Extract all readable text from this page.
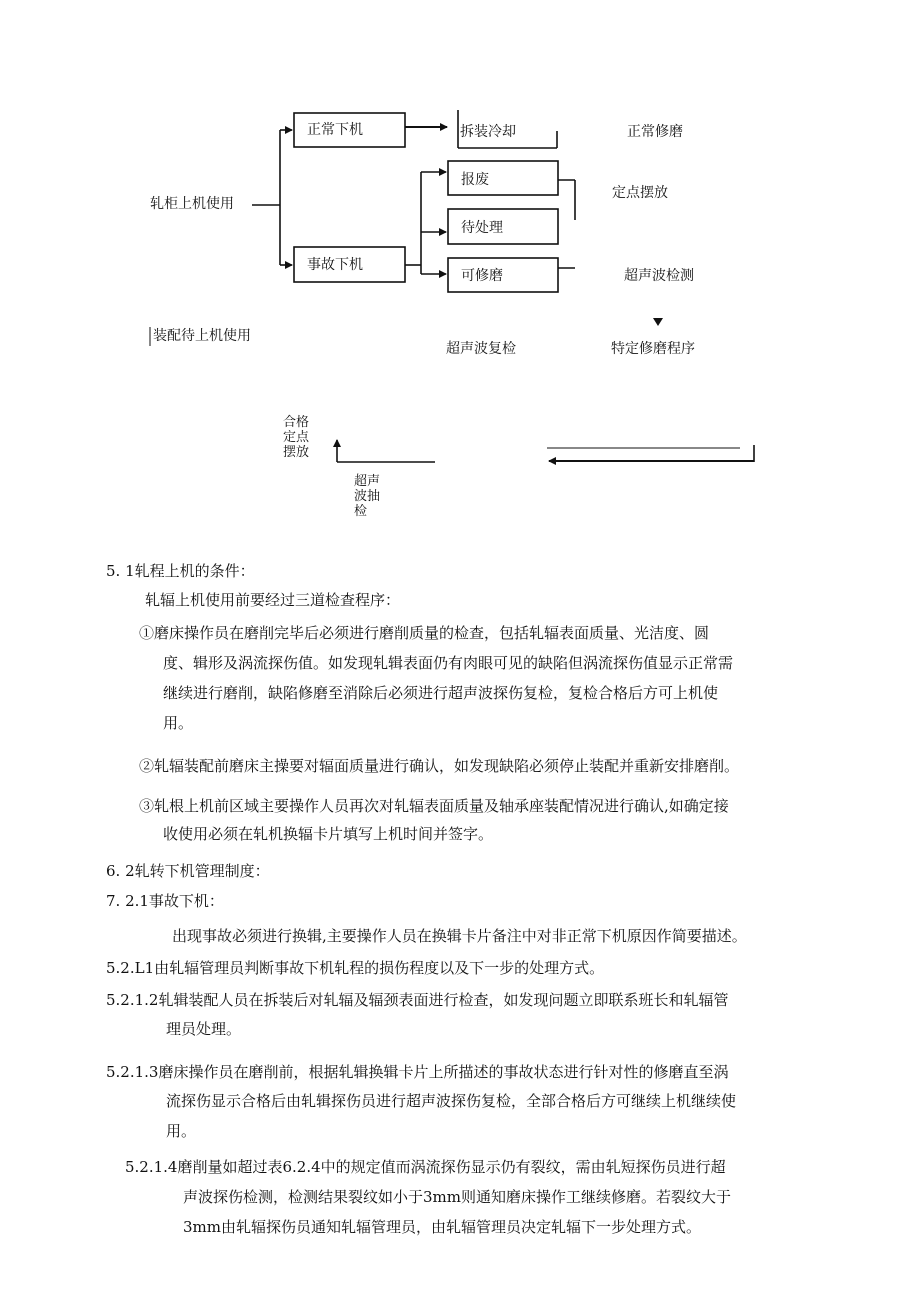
轧柜上机使用
正常下机	拆装冷却	正常修磨
报废
定点摆放
待处理
事故下机
可修磨	超声波检测
装配待上机使用
超声波复检	特定修磨程序
合格定点摆放
超声波抽检
5. 1轧程上机的条件：
轧辐上机使用前要经过三道检查程序：
①磨床操作员在磨削完毕后必须进行磨削质量的检查，包括轧辐表面质量、光洁度、圆
度、辑形及涡流探伤值。如发现轧辑表面仍有肉眼可见的缺陷但涡流探伤值显示正常需
继续进行磨削，缺陷修磨至消除后必须进行超声波探伤复检，复检合格后方可上机使
用。
②轧辐装配前磨床主操要对辐面质量进行确认，如发现缺陷必须停止装配并重新安排磨削。
③轧根上机前区域主要操作人员再次对轧辐表面质量及轴承座装配情况进行确认,如确定接
收使用必须在轧机换辐卡片填写上机时间并签字。
6. 2轧转下机管理制度：
7. 2.1事故下机：
出现事故必须进行换辑,主要操作人员在换辑卡片备注中对非正常下机原因作简要描述。
5.2.L1由轧辐管理员判断事故下机轧程的损伤程度以及下一步的处理方式。
5.2.1.2轧辑装配人员在拆装后对轧辐及辐颈表面进行检查，如发现问题立即联系班长和轧辐管
理员处理。
5.2.1.3磨床操作员在磨削前，根据轧辑换辑卡片上所描述的事故状态进行针对性的修磨直至涡
流探伤显示合格后由轧辑探伤员进行超声波探伤复检，全部合格后方可继续上机继续使
用。
5.2.1.4磨削量如超过表6.2.4中的规定值而涡流探伤显示仍有裂纹，需由轧短探伤员进行超
声波探伤检测，检测结果裂纹如小于3mm则通知磨床操作工继续修磨。若裂纹大于
3mm由轧辐探伤员通知轧辐管理员，由轧辐管理员决定轧辐下一步处理方式。
